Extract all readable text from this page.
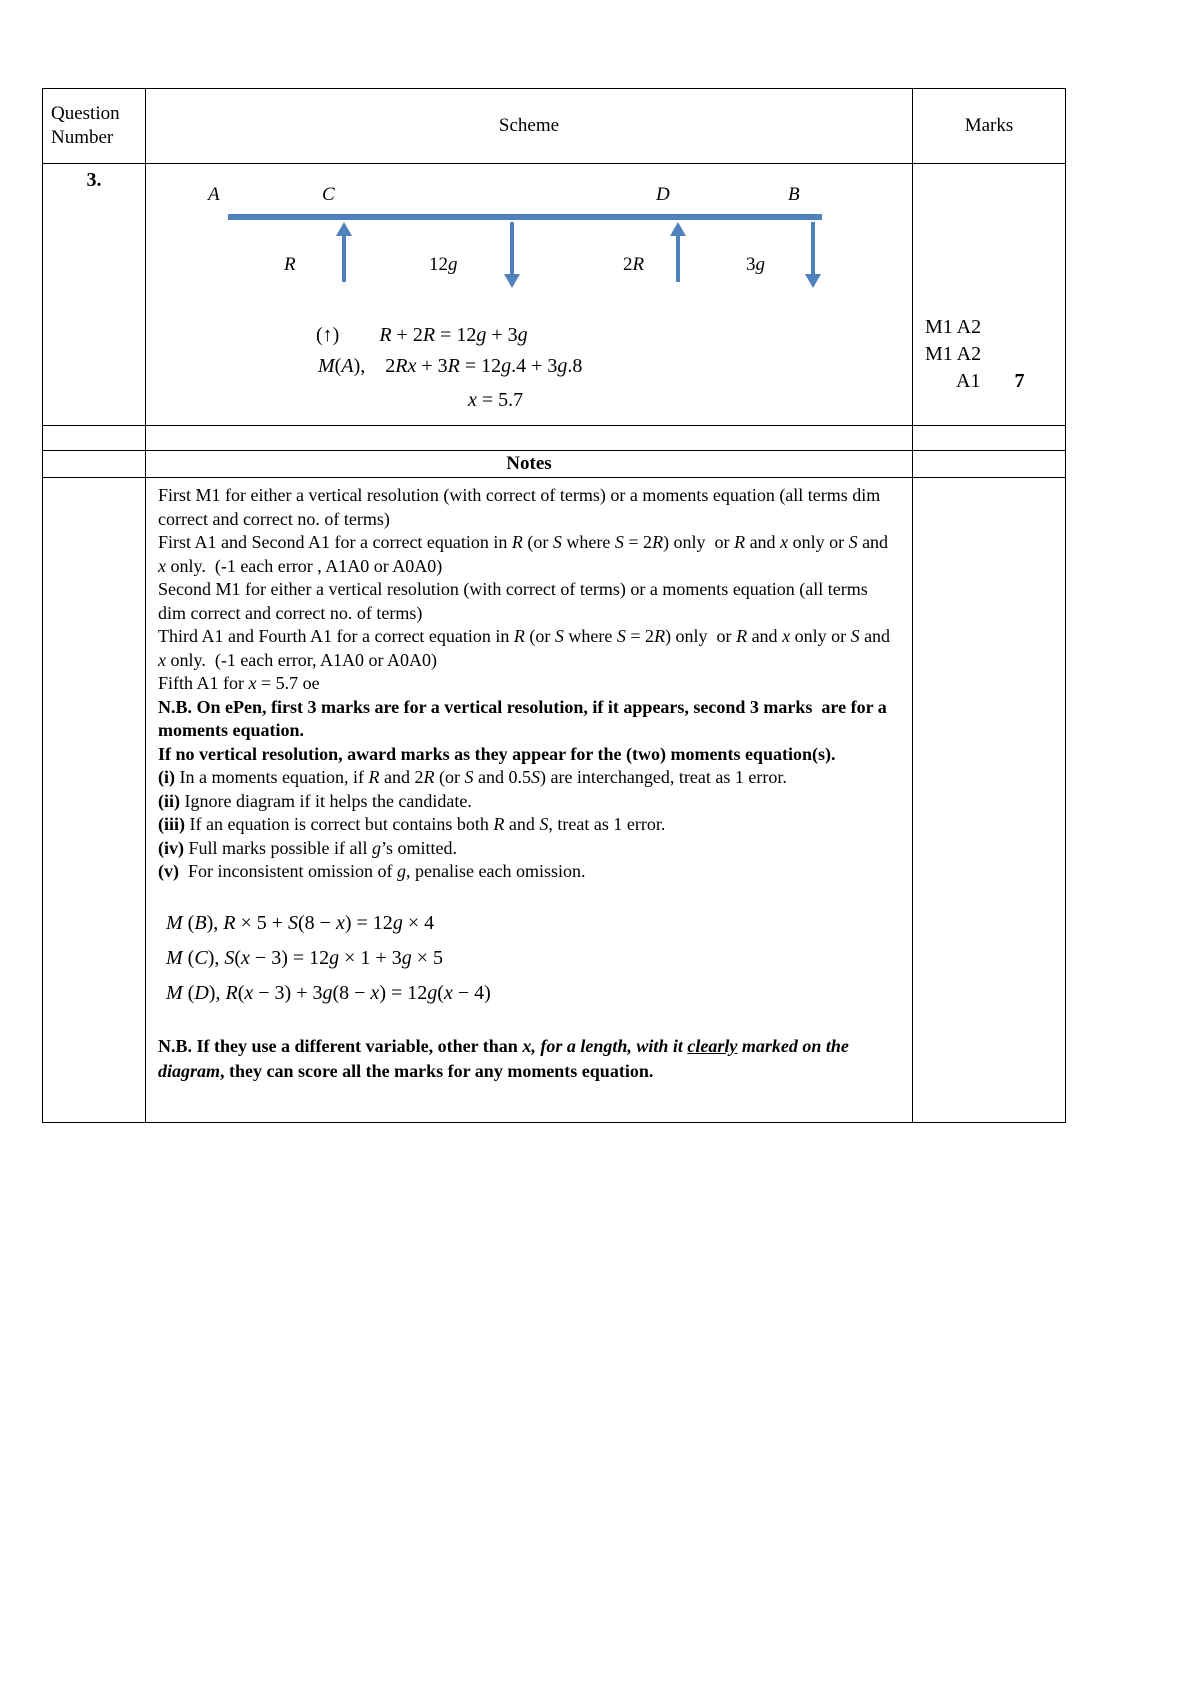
Question Number	Scheme	Marks
3.	
A	C	D	B
R	12g	2R	3g
(↑)        R + 2R = 12g + 3g
M(A),    2Rx + 3R = 12g.4 + 3g.8
x = 5.7

M1 A2
M1 A2
A1 7

	Notes	

First M1 for either a vertical resolution (with correct of terms) or a moments equation (all terms dim correct and correct no. of terms)
First A1 and Second A1 for a correct equation in R (or S where S = 2R) only  or R and x only or S and x only.  (-1 each error , A1A0 or A0A0)
Second M1 for either a vertical resolution (with correct of terms) or a moments equation (all terms dim correct and correct no. of terms)
Third A1 and Fourth A1 for a correct equation in R (or S where S = 2R) only  or R and x only or S and x only.  (-1 each error, A1A0 or A0A0)
Fifth A1 for x = 5.7 oe
N.B. On ePen, first 3 marks are for a vertical resolution, if it appears, second 3 marks  are for a moments equation.
If no vertical resolution, award marks as they appear for the (two) moments equation(s).
(i) In a moments equation, if R and 2R (or S and 0.5S) are interchanged, treat as 1 error.
(ii) Ignore diagram if it helps the candidate.
(iii) If an equation is correct but contains both R and S, treat as 1 error.
(iv) Full marks possible if all g’s omitted.
(v)  For inconsistent omission of g, penalise each omission.
M (B), R × 5 + S(8 − x) = 12g × 4
M (C), S(x − 3) = 12g × 1 + 3g × 5
M (D), R(x − 3) + 3g(8 − x) = 12g(x − 4)
N.B. If they use a different variable, other than x, for a length, with it clearly marked on the diagram, they can score all the marks for any moments equation.
